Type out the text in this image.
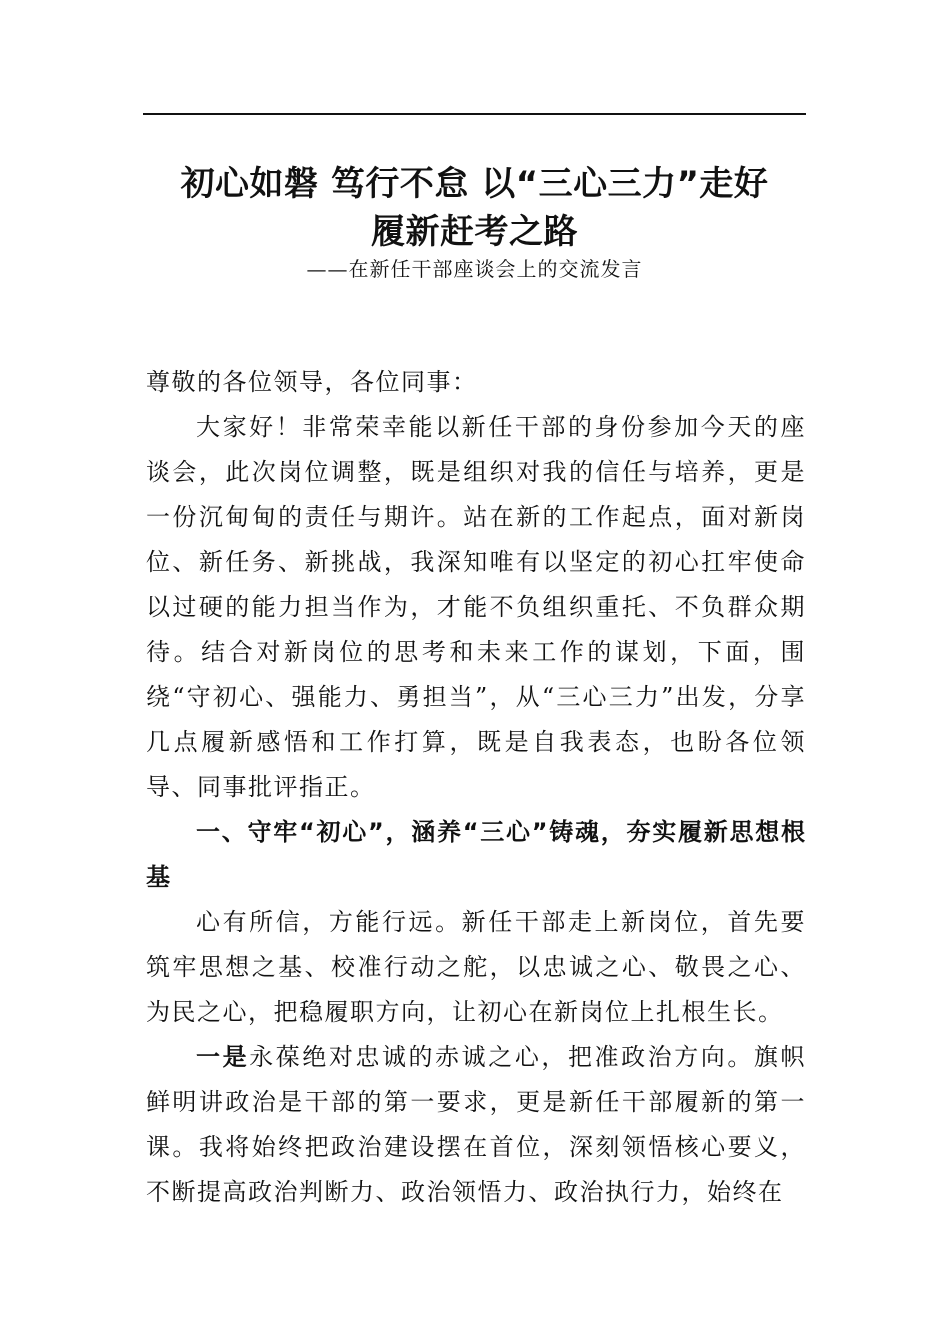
初心如磐 笃行不怠 以“三心三力”走好
履新赶考之路
——在新任干部座谈会上的交流发言

尊敬的各位领导，各位同事：

大家好！非常荣幸能以新任干部的身份参加今天的座谈会，此次岗位调整，既是组织对我的信任与培养，更是一份沉甸甸的责任与期许。站在新的工作起点，面对新岗位、新任务、新挑战，我深知唯有以坚定的初心扛牢使命以过硬的能力担当作为，才能不负组织重托、不负群众期待。结合对新岗位的思考和未来工作的谋划，下面，围绕“守初心、强能力、勇担当”，从“三心三力”出发，分享几点履新感悟和工作打算，既是自我表态，也盼各位领导、同事批评指正。

一、守牢“初心”，涵养“三心”铸魂，夯实履新思想根基

心有所信，方能行远。新任干部走上新岗位，首先要筑牢思想之基、校准行动之舵，以忠诚之心、敬畏之心、为民之心，把稳履职方向，让初心在新岗位上扎根生长。

一是永葆绝对忠诚的赤诚之心，把准政治方向。旗帜鲜明讲政治是干部的第一要求，更是新任干部履新的第一课。我将始终把政治建设摆在首位，深刻领悟核心要义，不断提高政治判断力、政治领悟力、政治执行力，始终在
